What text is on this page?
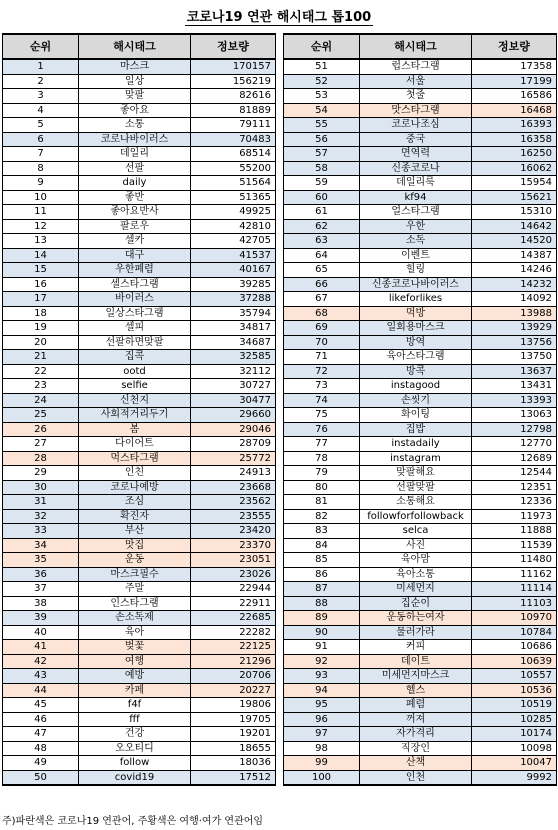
코로나19 연관 해시태그 톱100
순위	해시태그	정보량
1	마스크	170157
2	일상	156219
3	맞팔	82616
4	좋아요	81889
5	소통	79111
6	코로나바이러스	70483
7	데일리	68514
8	선팔	55200
9	daily	51564
10	좋반	51365
11	좋아요반사	49925
12	팔로우	42810
13	셀카	42705
14	대구	41537
15	우한폐렴	40167
16	셀스타그램	39285
17	바이러스	37288
18	일상스타그램	35794
19	셀피	34817
20	선팔하면맞팔	34687
21	집콕	32585
22	ootd	32112
23	selfie	30727
24	신천지	30477
25	사회적거리두기	29660
26	봄	29046
27	다이어트	28709
28	먹스타그램	25772
29	인친	24913
30	코로나예방	23668
31	조심	23562
32	확진자	23555
33	부산	23420
34	맛집	23370
35	운동	23051
36	마스크필수	23026
37	주말	22944
38	인스타그램	22911
39	손소독제	22685
40	육아	22282
41	벚꽃	22125
42	여행	21296
43	예방	20706
44	카페	20227
45	f4f	19806
46	fff	19705
47	건강	19201
48	오오티디	18655
49	follow	18036
50	covid19	17512
순위	해시태그	정보량
51	럽스타그램	17358
52	서울	17199
53	첫줄	16586
54	맛스타그램	16468
55	코로나조심	16393
56	중국	16358
57	면역력	16250
58	신종코로나	16062
59	데일리룩	15954
60	kf94	15621
61	얼스타그램	15310
62	우한	14642
63	소독	14520
64	이벤트	14387
65	힐링	14246
66	신종코로나바이러스	14232
67	likeforlikes	14092
68	먹방	13988
69	일회용마스크	13929
70	방역	13756
71	육아스타그램	13750
72	방콕	13637
73	instagood	13431
74	손씻기	13393
75	화이팅	13063
76	집밥	12798
77	instadaily	12770
78	instagram	12689
79	맞팔해요	12544
80	선팔맞팔	12351
81	소통해요	12336
82	followforfollowback	11973
83	selca	11888
84	사진	11539
85	육아맘	11480
86	육아소통	11162
87	미세먼지	11114
88	집순이	11103
89	운동하는여자	10970
90	물러가라	10784
91	커피	10686
92	데이트	10639
93	미세먼지마스크	10557
94	헬스	10536
95	폐렴	10519
96	꺼져	10285
97	자가격리	10174
98	직장인	10098
99	산책	10047
100	인천	9992
주)파란색은 코로나19 연관어, 주황색은 여행·여가 연관어임
